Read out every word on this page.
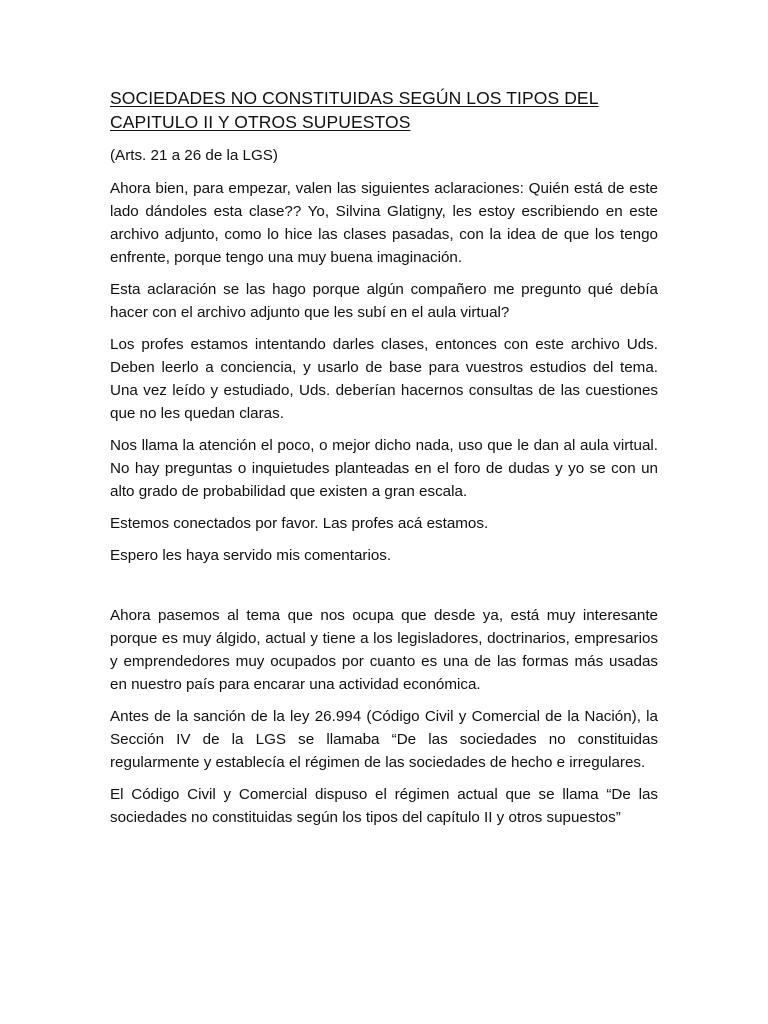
SOCIEDADES NO CONSTITUIDAS SEGÚN LOS TIPOS DEL CAPITULO II Y OTROS SUPUESTOS

(Arts. 21 a 26 de la LGS)

Ahora bien, para empezar, valen las siguientes aclaraciones: Quién está de este lado dándoles esta clase?? Yo, Silvina Glatigny, les estoy escribiendo en este archivo adjunto, como lo hice las clases pasadas, con la idea de que los tengo enfrente, porque tengo una muy buena imaginación.

Esta aclaración se las hago porque algún compañero me pregunto qué debía hacer con el archivo adjunto que les subí en el aula virtual?

Los profes estamos intentando darles clases, entonces con este archivo Uds. Deben leerlo a conciencia, y usarlo de base para vuestros estudios del tema. Una vez leído y estudiado, Uds. deberían hacernos consultas de las cuestiones que no les quedan claras.

Nos llama la atención el poco, o mejor dicho nada, uso que le dan al aula virtual. No hay preguntas o inquietudes planteadas en el foro de dudas y yo se con un alto grado de probabilidad que existen a gran escala.

Estemos conectados por favor. Las profes acá estamos.

Espero les haya servido mis comentarios.

Ahora pasemos al tema que nos ocupa que desde ya, está muy interesante porque es muy álgido, actual y tiene a los legisladores, doctrinarios, empresarios y emprendedores muy ocupados por cuanto es una de las formas más usadas en nuestro país para encarar una actividad económica.

Antes de la sanción de la ley 26.994 (Código Civil y Comercial de la Nación), la Sección IV de la LGS se llamaba “De las sociedades no constituidas regularmente y establecía el régimen de las sociedades de hecho e irregulares.

El Código Civil y Comercial dispuso el régimen actual que se llama “De las sociedades no constituidas según los tipos del capítulo II y otros supuestos”
